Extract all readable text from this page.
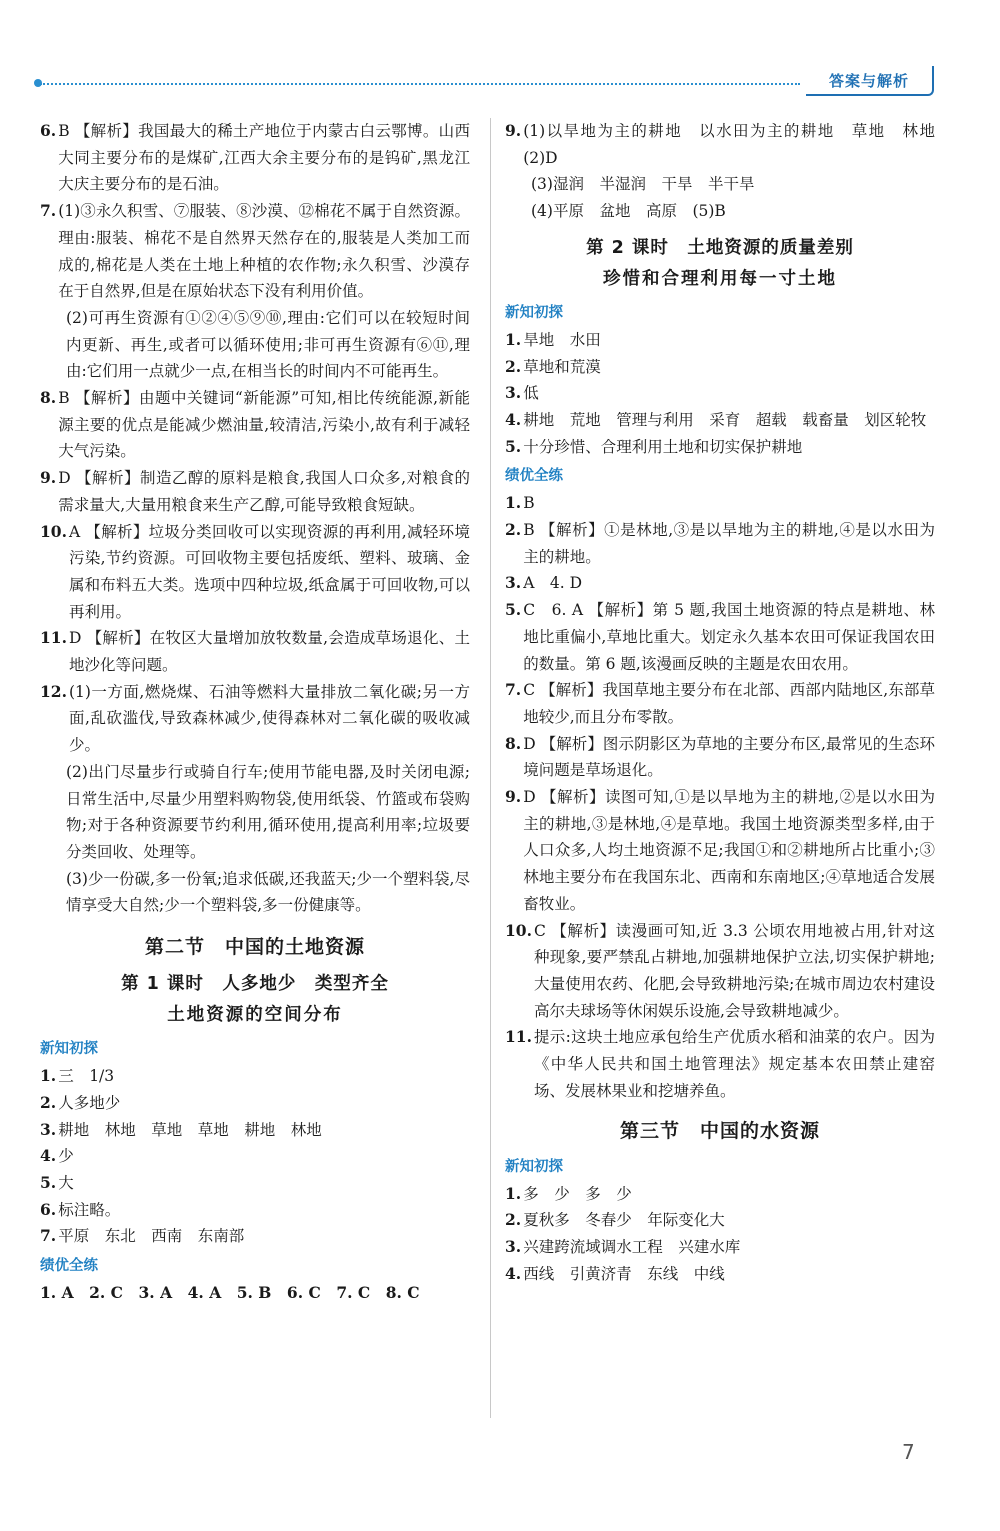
答案与解析
6. B 【解析】我国最大的稀土产地位于内蒙古白云鄂博。山西大同主要分布的是煤矿,江西大余主要分布的是钨矿,黑龙江大庆主要分布的是石油。
7. (1)③永久积雪、⑦服装、⑧沙漠、⑫棉花不属于自然资源。理由:服装、棉花不是自然界天然存在的,服装是人类加工而成的,棉花是人类在土地上种植的农作物;永久积雪、沙漠存在于自然界,但是在原始状态下没有利用价值。
(2)可再生资源有①②④⑤⑨⑩,理由:它们可以在较短时间内更新、再生,或者可以循环使用;非可再生资源有⑥⑪,理由:它们用一点就少一点,在相当长的时间内不可能再生。
8. B 【解析】由题中关键词“新能源”可知,相比传统能源,新能源主要的优点是能减少燃油量,较清洁,污染小,故有利于减轻大气污染。
9. D 【解析】制造乙醇的原料是粮食,我国人口众多,对粮食的需求量大,大量用粮食来生产乙醇,可能导致粮食短缺。
10. A 【解析】垃圾分类回收可以实现资源的再利用,减轻环境污染,节约资源。可回收物主要包括废纸、塑料、玻璃、金属和布料五大类。选项中四种垃圾,纸盒属于可回收物,可以再利用。
11. D 【解析】在牧区大量增加放牧数量,会造成草场退化、土地沙化等问题。
12. (1)一方面,燃烧煤、石油等燃料大量排放二氧化碳;另一方面,乱砍滥伐,导致森林减少,使得森林对二氧化碳的吸收减少。
(2)出门尽量步行或骑自行车;使用节能电器,及时关闭电源;日常生活中,尽量少用塑料购物袋,使用纸袋、竹篮或布袋购物;对于各种资源要节约利用,循环使用,提高利用率;垃圾要分类回收、处理等。
(3)少一份碳,多一份氧;追求低碳,还我蓝天;少一个塑料袋,尽情享受大自然;少一个塑料袋,多一份健康等。
第二节　中国的土地资源
第 1 课时　人多地少　类型齐全
土地资源的空间分布
新知初探
1. 三　1/3
2. 人多地少
3. 耕地　林地　草地　草地　耕地　林地
4. 少
5. 大
6. 标注略。
7. 平原　东北　西南　东南部
绩优全练
1. A　2. C　3. A　4. A　5. B　6. C　7. C　8. C
9. (1)以旱地为主的耕地　以水田为主的耕地　草地　林地　(2)D
(3)湿润　半湿润　干旱　半干旱
(4)平原　盆地　高原　(5)B
第 2 课时　土地资源的质量差别
珍惜和合理利用每一寸土地
新知初探
1. 旱地　水田
2. 草地和荒漠
3. 低
4. 耕地　荒地　管理与利用　采育　超载　载畜量　划区轮牧
5. 十分珍惜、合理利用土地和切实保护耕地
绩优全练
1. B
2. B 【解析】①是林地,③是以旱地为主的耕地,④是以水田为主的耕地。
3. A　4. D
5. C　6. A 【解析】第 5 题,我国土地资源的特点是耕地、林地比重偏小,草地比重大。划定永久基本农田可保证我国农田的数量。第 6 题,该漫画反映的主题是农田农用。
7. C 【解析】我国草地主要分布在北部、西部内陆地区,东部草地较少,而且分布零散。
8. D 【解析】图示阴影区为草地的主要分布区,最常见的生态环境问题是草场退化。
9. D 【解析】读图可知,①是以旱地为主的耕地,②是以水田为主的耕地,③是林地,④是草地。我国土地资源类型多样,由于人口众多,人均土地资源不足;我国①和②耕地所占比重小;③林地主要分布在我国东北、西南和东南地区;④草地适合发展畜牧业。
10. C 【解析】读漫画可知,近 3.3 公顷农用地被占用,针对这种现象,要严禁乱占耕地,加强耕地保护立法,切实保护耕地;大量使用农药、化肥,会导致耕地污染;在城市周边农村建设高尔夫球场等休闲娱乐设施,会导致耕地减少。
11. 提示:这块土地应承包给生产优质水稻和油菜的农户。因为《中华人民共和国土地管理法》规定基本农田禁止建窑场、发展林果业和挖塘养鱼。
第三节　中国的水资源
新知初探
1. 多　少　多　少
2. 夏秋多　冬春少　年际变化大
3. 兴建跨流域调水工程　兴建水库
4. 西线　引黄济青　东线　中线
7
